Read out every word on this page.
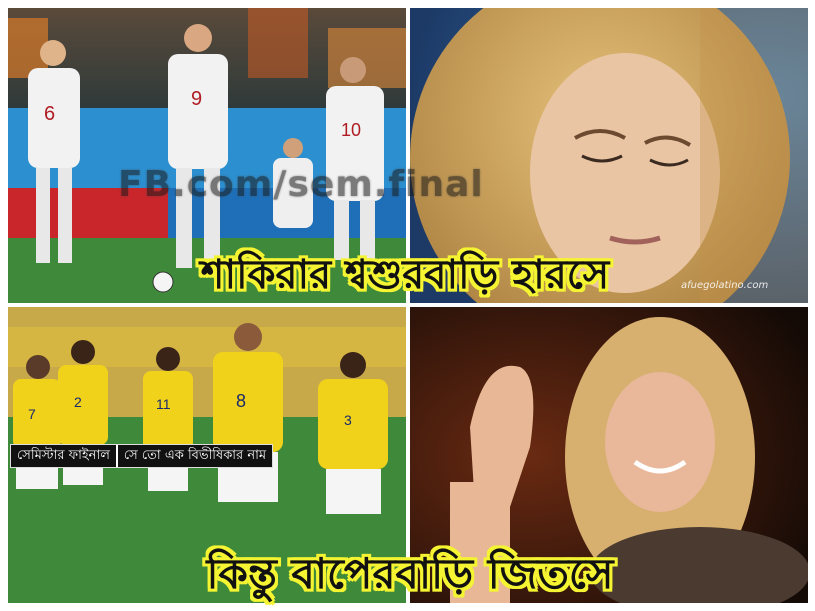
6
9
10
afuegolatino.com
7
2	11	8
3
FB.com/sem.final
সেমিস্টার ফাইনাল	সে তো এক বিভীষিকার নাম
শাকিরার শ্বশুরবাড়ি হারসে
কিন্তু বাপেরবাড়ি জিতসে
